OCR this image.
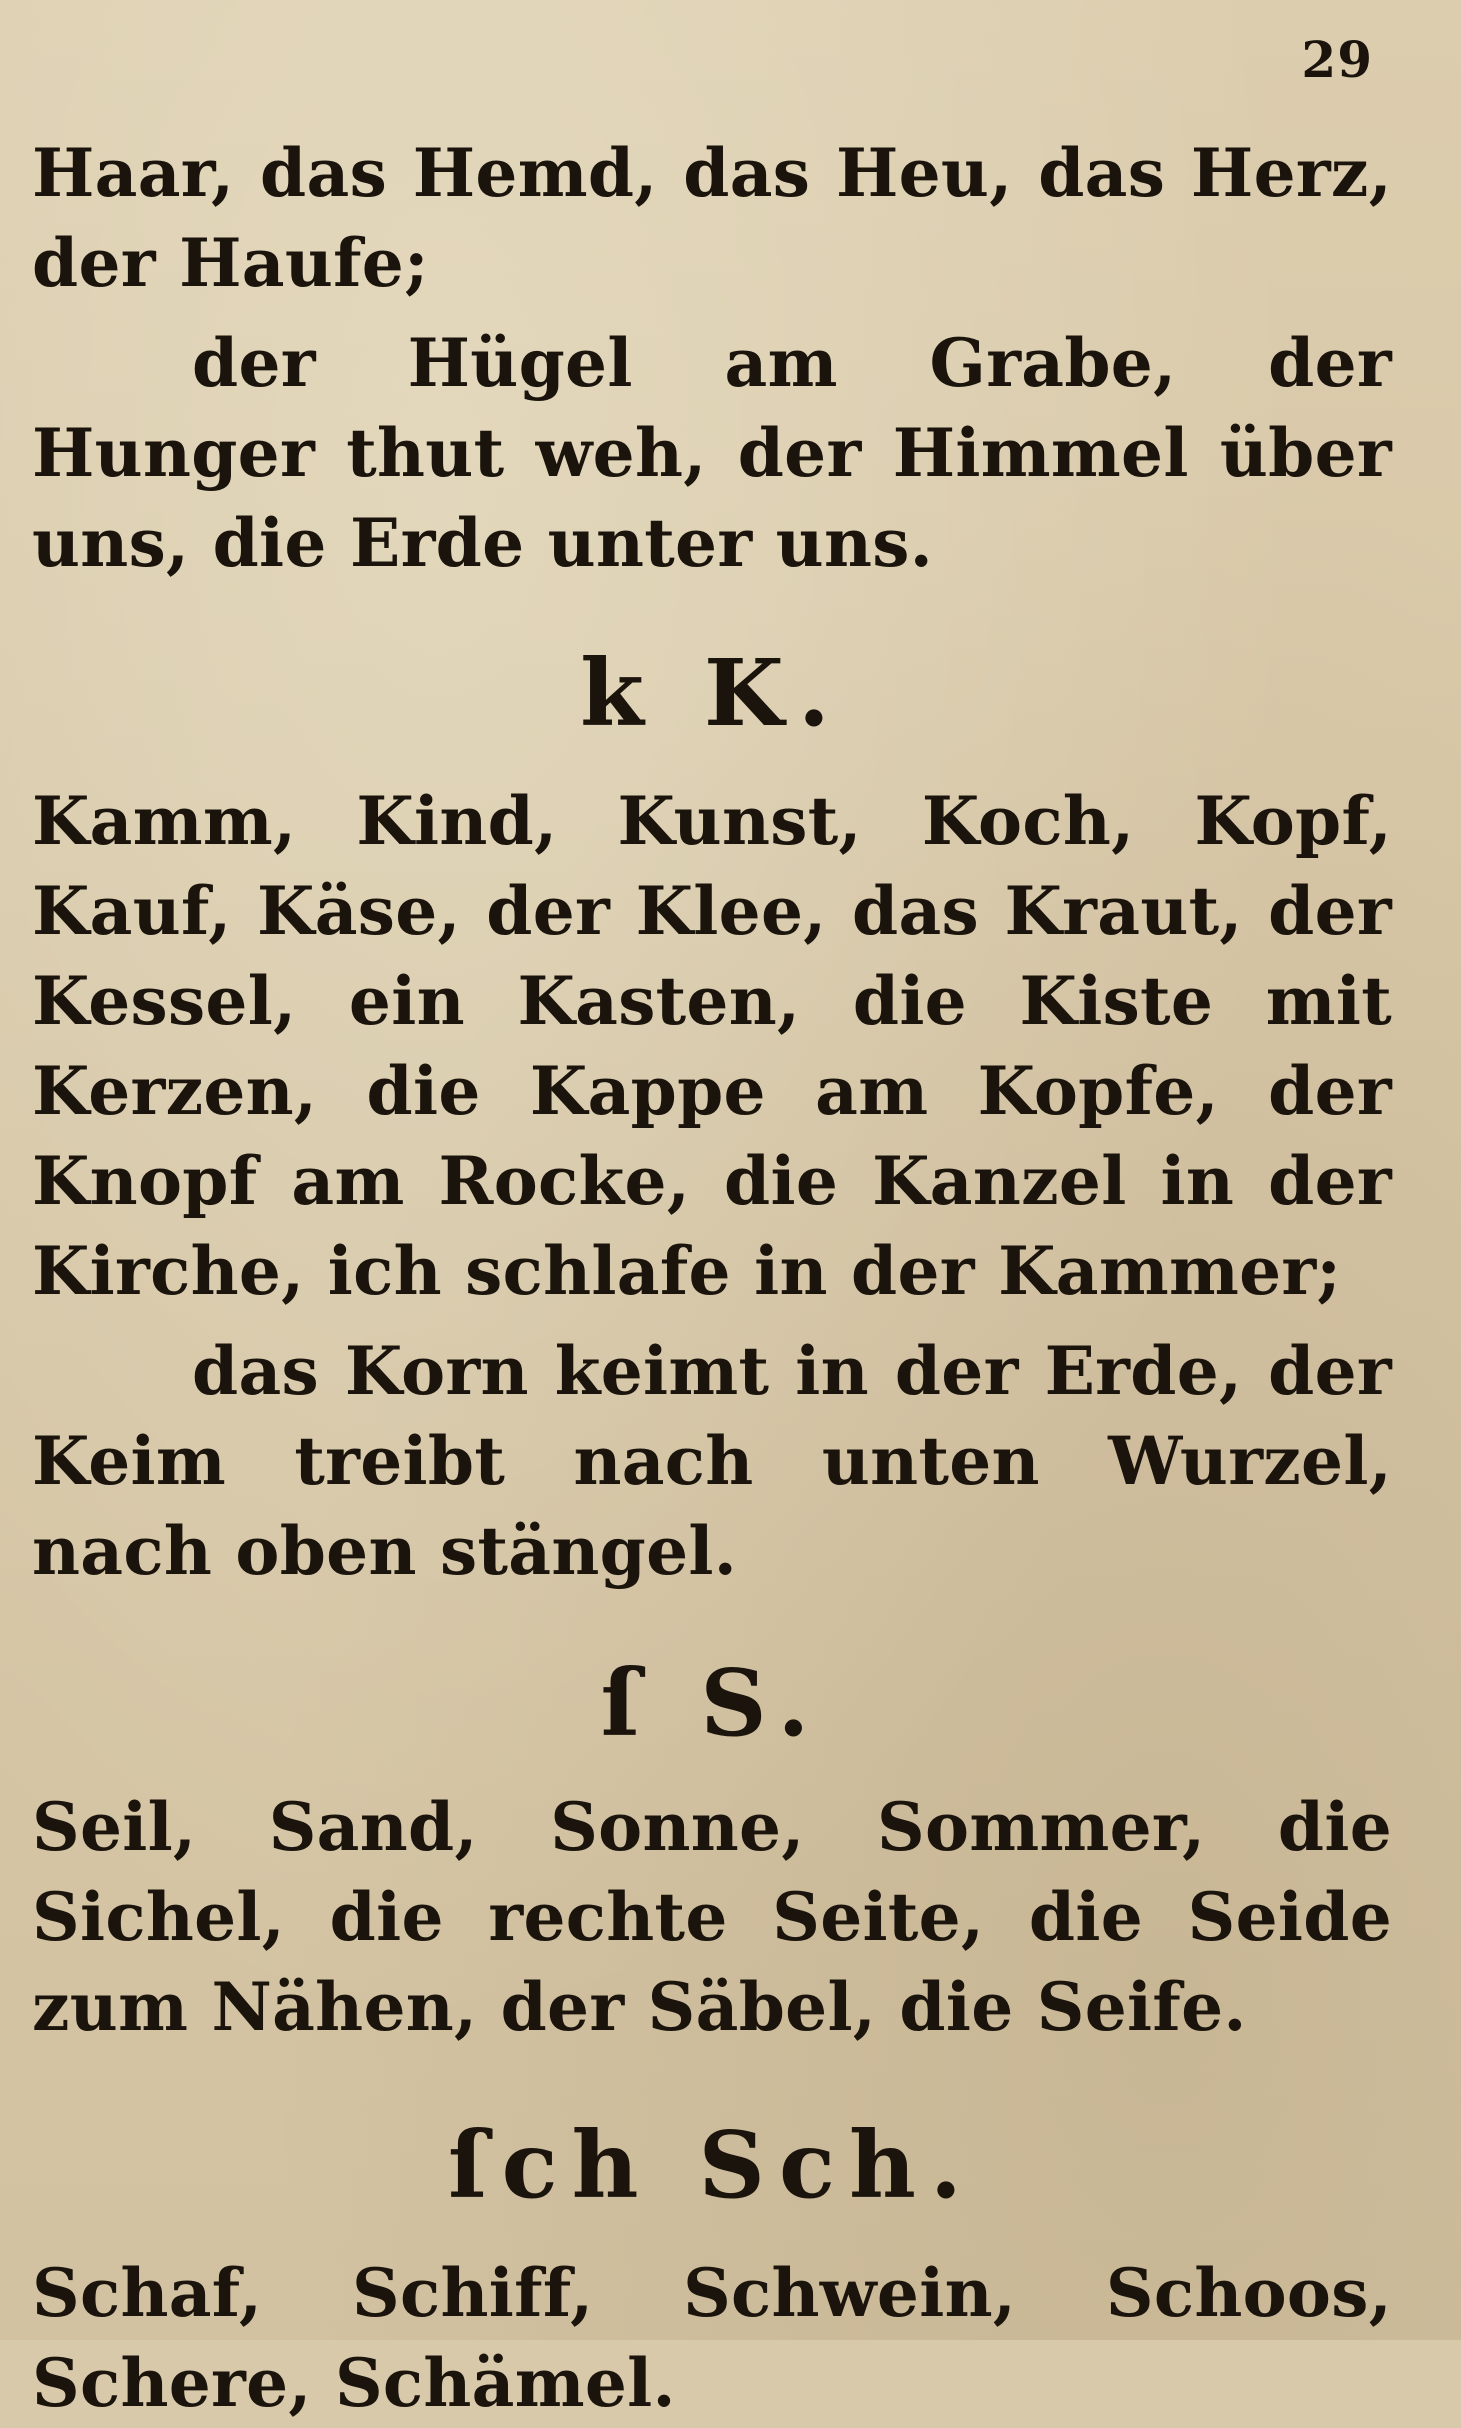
29

Haar, das Hemd, das Heu, das Herz, der Haufe;

der Hügel am Grabe, der Hunger thut weh, der Himmel über uns, die Erde unter uns.

k K.

Kamm, Kind, Kunst, Koch, Kopf, Kauf, Käse, der Klee, das Kraut, der Kessel, ein Kasten, die Kiste mit Kerzen, die Kappe am Kopfe, der Knopf am Rocke, die Kanzel in der Kirche, ich schlafe in der Kammer;

das Korn keimt in der Erde, der Keim treibt nach unten Wurzel, nach oben stängel.

ſ S.

Seil, Sand, Sonne, Sommer, die Sichel, die rechte Seite, die Seide zum Nähen, der Säbel, die Seife.

ſch Sch.

Schaf, Schiff, Schwein, Schoos, Schere, Schämel.
